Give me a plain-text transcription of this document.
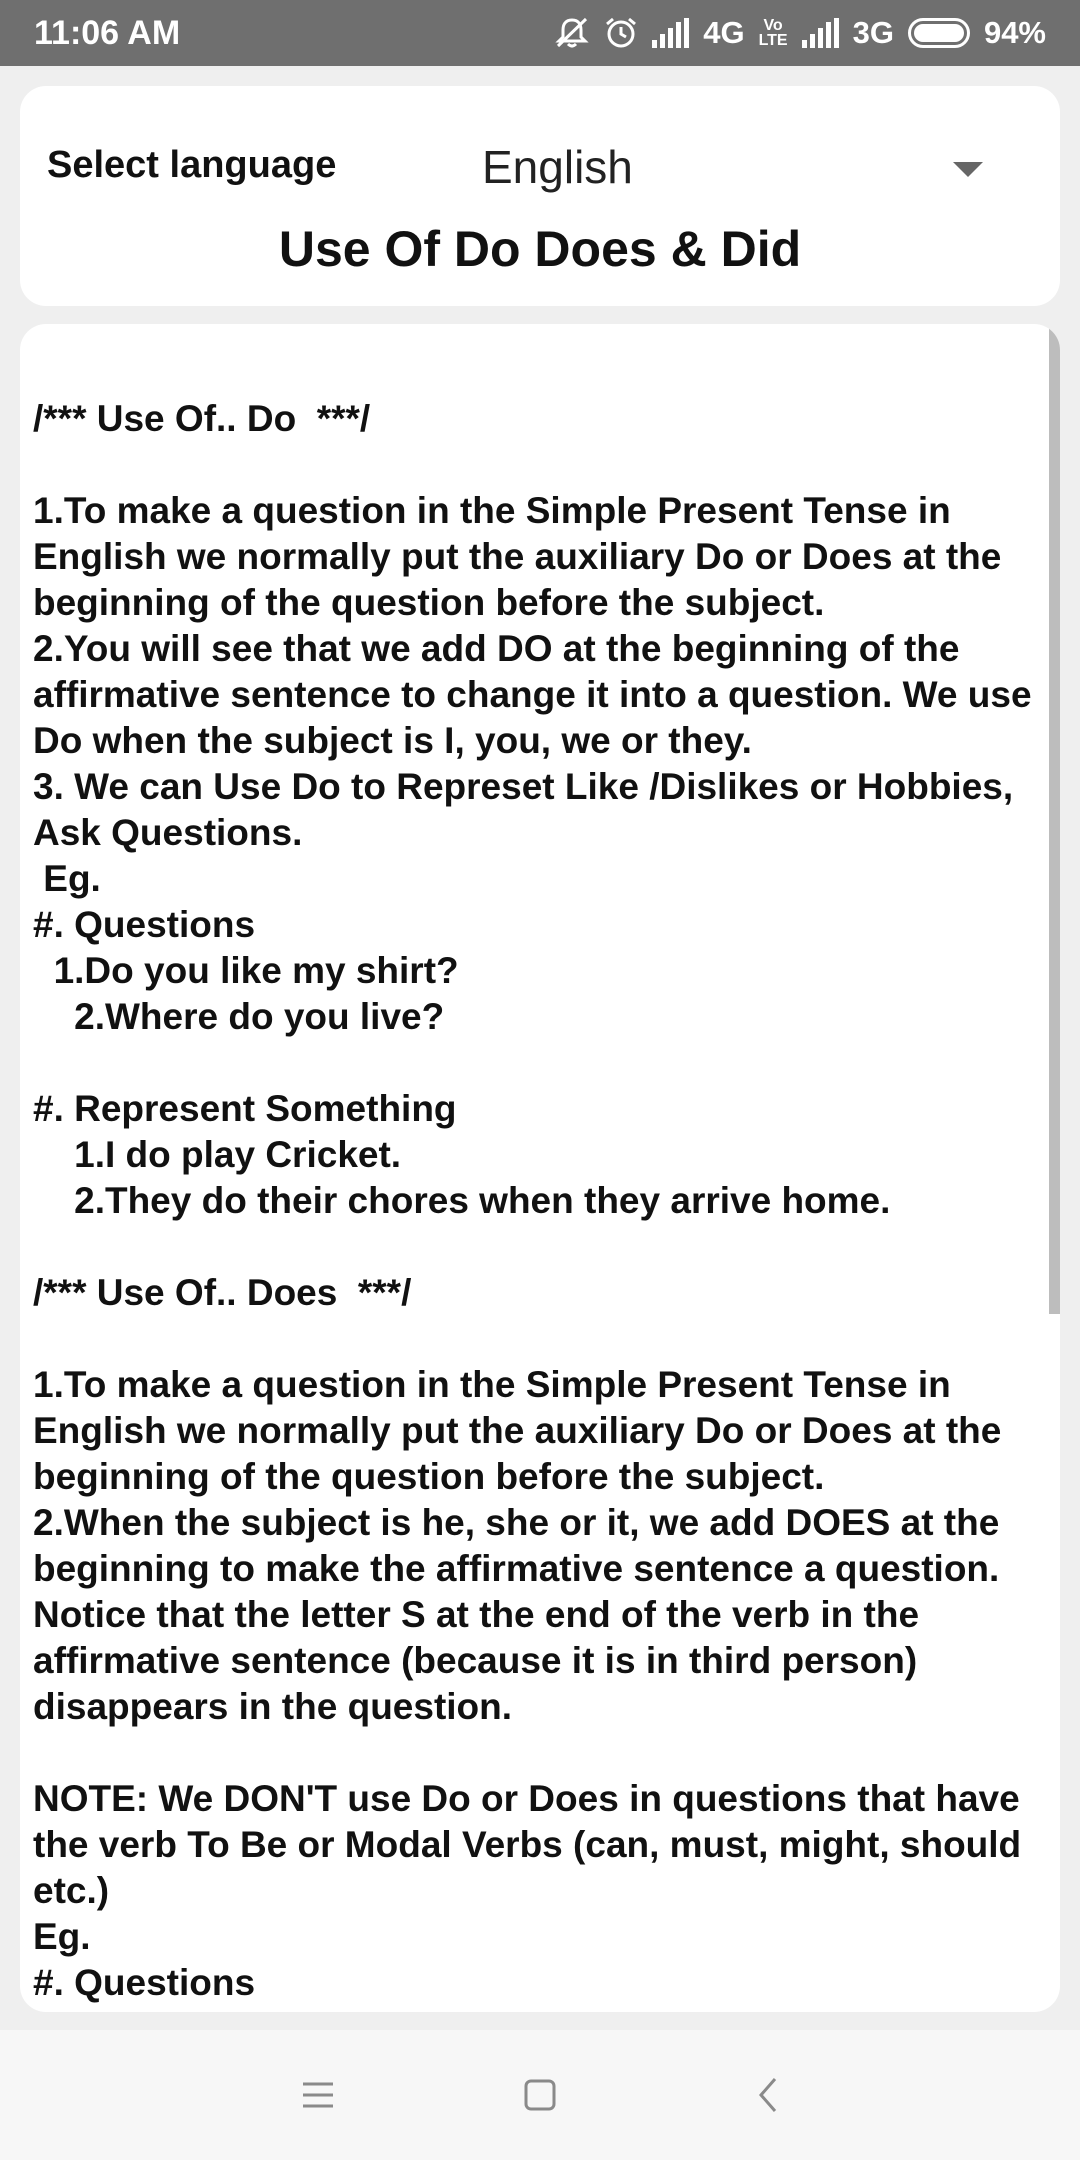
11:06 AM	4G	Vo
LTE 3G	94%
Select language	English
Use Of Do Does & Did
/*** Use Of.. Do  ***/

1.To make a question in the Simple Present Tense in English we normally put the auxiliary Do or Does at the beginning of the question before the subject.
2.You will see that we add DO at the beginning of the affirmative sentence to change it into a question. We use Do when the subject is I, you, we or they.
3. We can Use Do to Represet Like /Dislikes or Hobbies, Ask Questions.
Eg.
#. Questions
1.Do you like my shirt?
2.Where do you live?

#. Represent Something
1.I do play Cricket.
2.They do their chores when they arrive home.

/*** Use Of.. Does  ***/

1.To make a question in the Simple Present Tense in English we normally put the auxiliary Do or Does at the beginning of the question before the subject.
2.When the subject is he, she or it, we add DOES at the beginning to make the affirmative sentence a question. Notice that the letter S at the end of the verb in the affirmative sentence (because it is in third person) disappears in the question.

NOTE: We DON'T use Do or Does in questions that have the verb To Be or Modal Verbs (can, must, might, should etc.)
Eg.
#. Questions
